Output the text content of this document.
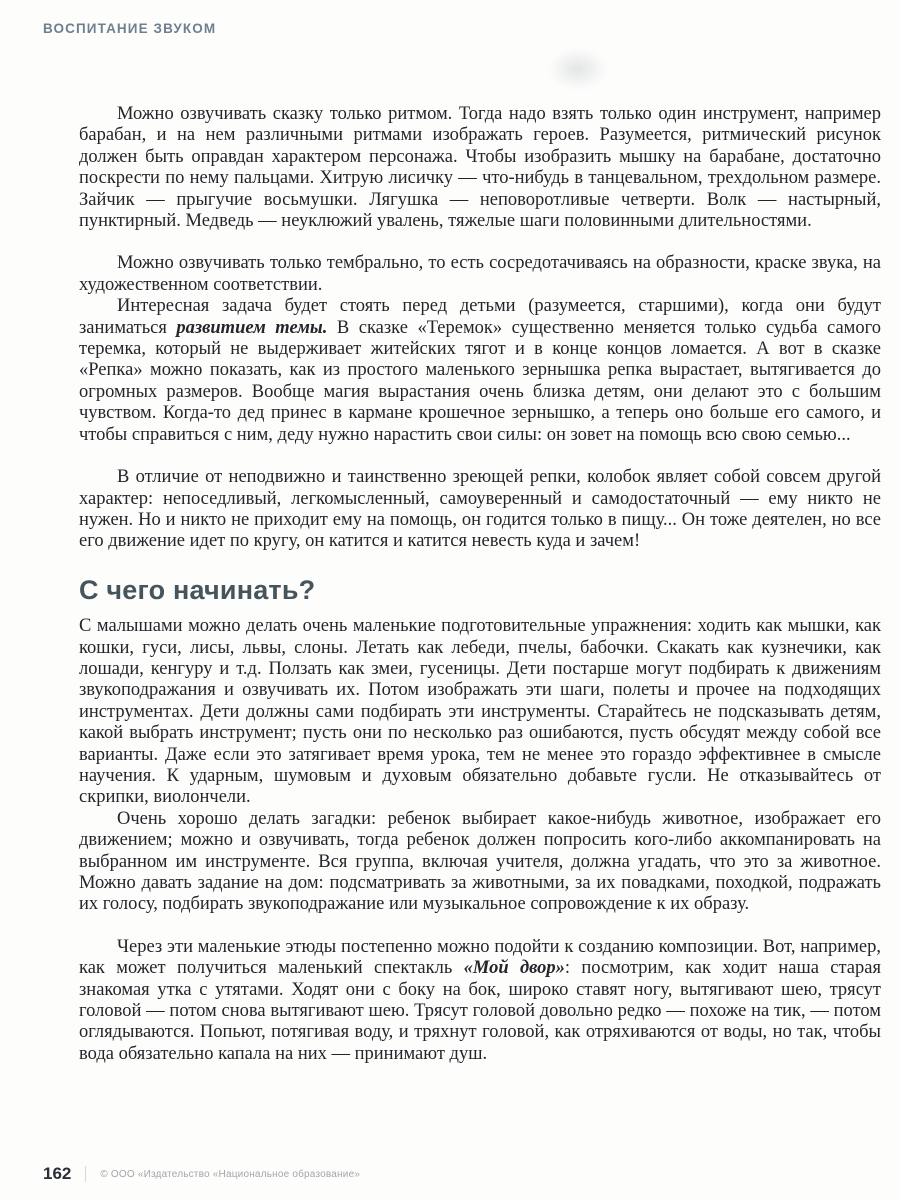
ВОСПИТАНИЕ ЗВУКОМ

Можно озвучивать сказку только ритмом. Тогда надо взять только один инструмент, например барабан, и на нем различными ритмами изображать героев. Разумеется, ритмический рисунок должен быть оправдан характером персонажа. Чтобы изобразить мышку на барабане, достаточно поскрести по нему пальцами. Хитрую лисичку — что-нибудь в танцевальном, трехдольном размере. Зайчик — прыгучие восьмушки. Лягушка — неповоротливые четверти. Волк — настырный, пунктирный. Медведь — неуклюжий увалень, тяжелые шаги половинными длительностями.

Можно озвучивать только тембрально, то есть сосредотачиваясь на образности, краске звука, на художественном соответствии.

Интересная задача будет стоять перед детьми (разумеется, старшими), когда они будут заниматься развитием темы. В сказке «Теремок» существенно меняется только судьба самого теремка, который не выдерживает житейских тягот и в конце концов ломается. А вот в сказке «Репка» можно показать, как из простого маленького зернышка репка вырастает, вытягивается до огромных размеров. Вообще магия вырастания очень близка детям, они делают это с большим чувством. Когда-то дед принес в кармане крошечное зернышко, а теперь оно больше его самого, и чтобы справиться с ним, деду нужно нарастить свои силы: он зовет на помощь всю свою семью...

В отличие от неподвижно и таинственно зреющей репки, колобок являет собой совсем другой характер: непоседливый, легкомысленный, самоуверенный и самодостаточный — ему никто не нужен. Но и никто не приходит ему на помощь, он годится только в пищу... Он тоже деятелен, но все его движение идет по кругу, он катится и катится невесть куда и зачем!

С чего начинать?

С малышами можно делать очень маленькие подготовительные упражнения: ходить как мышки, как кошки, гуси, лисы, львы, слоны. Летать как лебеди, пчелы, бабочки. Скакать как кузнечики, как лошади, кенгуру и т.д. Ползать как змеи, гусеницы. Дети постарше могут подбирать к движениям звукоподражания и озвучивать их. Потом изображать эти шаги, полеты и прочее на подходящих инструментах. Дети должны сами подбирать эти инструменты. Старайтесь не подсказывать детям, какой выбрать инструмент; пусть они по несколько раз ошибаются, пусть обсудят между собой все варианты. Даже если это затягивает время урока, тем не менее это гораздо эффективнее в смысле научения. К ударным, шумовым и духовым обязательно добавьте гусли. Не отказывайтесь от скрипки, виолончели.

Очень хорошо делать загадки: ребенок выбирает какое-нибудь животное, изображает его движением; можно и озвучивать, тогда ребенок должен попросить кого-либо аккомпанировать на выбранном им инструменте. Вся группа, включая учителя, должна угадать, что это за животное. Можно давать задание на дом: подсматривать за животными, за их повадками, походкой, подражать их голосу, подбирать звукоподражание или музыкальное сопровождение к их образу.

Через эти маленькие этюды постепенно можно подойти к созданию композиции. Вот, например, как может получиться маленький спектакль «Мой двор»: посмотрим, как ходит наша старая знакомая утка с утятами. Ходят они с боку на бок, широко ставят ногу, вытягивают шею, трясут головой — потом снова вытягивают шею. Трясут головой довольно редко — похоже на тик, — потом оглядываются. Попьют, потягивая воду, и тряхнут головой, как отряхиваются от воды, но так, чтобы вода обязательно капала на них — принимают душ.

162	© ООО «Издательство «Национальное образование»
